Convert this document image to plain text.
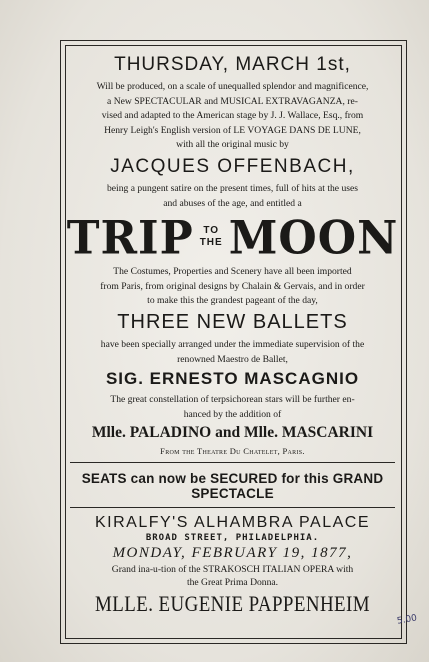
THURSDAY, MARCH 1st,
Will be produced, on a scale of unequalled splendor and magnificence,
a New SPECTACULAR and MUSICAL EXTRAVAGANZA, re-
vised and adapted to the American stage by J. J. Wallace, Esq., from
Henry Leigh's English version of LE VOYAGE DANS DE LUNE,
with all the original music by
JACQUES OFFENBACH,
being a pungent satire on the present times, full of hits at the uses
and abuses of the age, and entitled a
TRIP TO THE MOON
The Costumes, Properties and Scenery have all been imported
from Paris, from original designs by Chalain & Gervais, and in order
to make this the grandest pageant of the day,
THREE NEW BALLETS
have been specially arranged under the immediate supervision of the
renowned Maestro de Ballet,
SIG. ERNESTO MASCAGNIO
The great constellation of terpsichorean stars will be further en-
hanced by the addition of
Mlle. PALADINO and Mlle. MASCARINI
From the Theatre Du Chatelet, Paris.
SEATS can now be SECURED for this GRAND SPECTACLE
KIRALFY'S ALHAMBRA PALACE
BROAD STREET, PHILADELPHIA.
MONDAY, FEBRUARY 19, 1877,
Grand ina-u-tion of the STRAKOSCH ITALIAN OPERA with
the Great Prima Donna.
MLLE. EUGENIE PAPPENHEIM
5.00
